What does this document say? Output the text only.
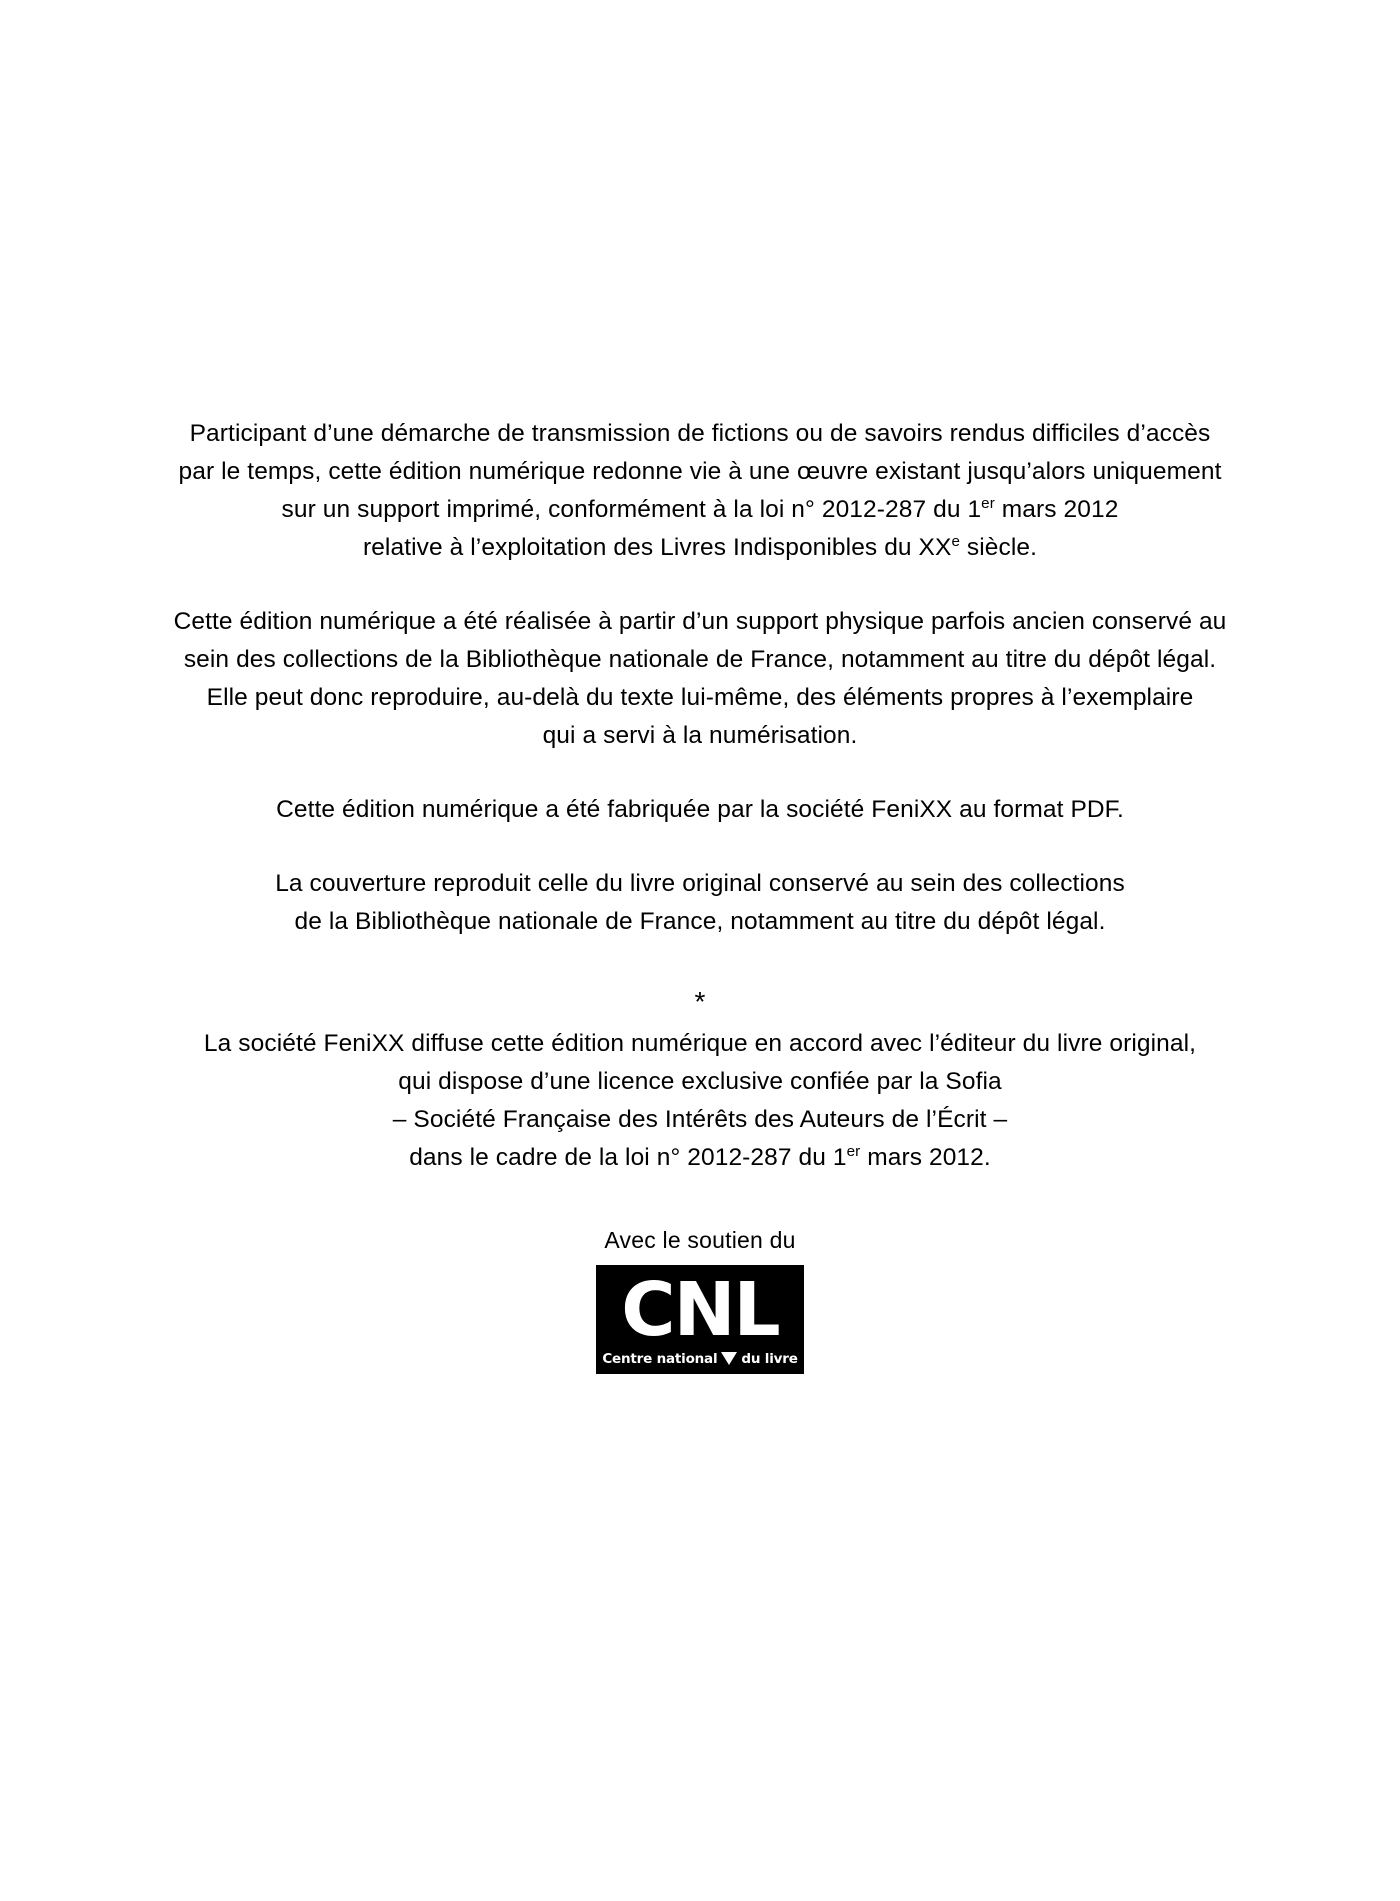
Participant d’une démarche de transmission de fictions ou de savoirs rendus difficiles d’accès
par le temps, cette édition numérique redonne vie à une œuvre existant jusqu’alors uniquement
sur un support imprimé, conformément à la loi n° 2012-287 du 1er mars 2012
relative à l’exploitation des Livres Indisponibles du XXe siècle.
Cette édition numérique a été réalisée à partir d’un support physique parfois ancien conservé au
sein des collections de la Bibliothèque nationale de France, notamment au titre du dépôt légal.
Elle peut donc reproduire, au-delà du texte lui-même, des éléments propres à l’exemplaire
qui a servi à la numérisation.
Cette édition numérique a été fabriquée par la société FeniXX au format PDF.
La couverture reproduit celle du livre original conservé au sein des collections
de la Bibliothèque nationale de France, notamment au titre du dépôt légal.
*
La société FeniXX diffuse cette édition numérique en accord avec l’éditeur du livre original,
qui dispose d’une licence exclusive confiée par la Sofia
– Société Française des Intérêts des Auteurs de l’Écrit –
dans le cadre de la loi n° 2012-287 du 1er mars 2012.
Avec le soutien du
CNL
Centre national du livre
